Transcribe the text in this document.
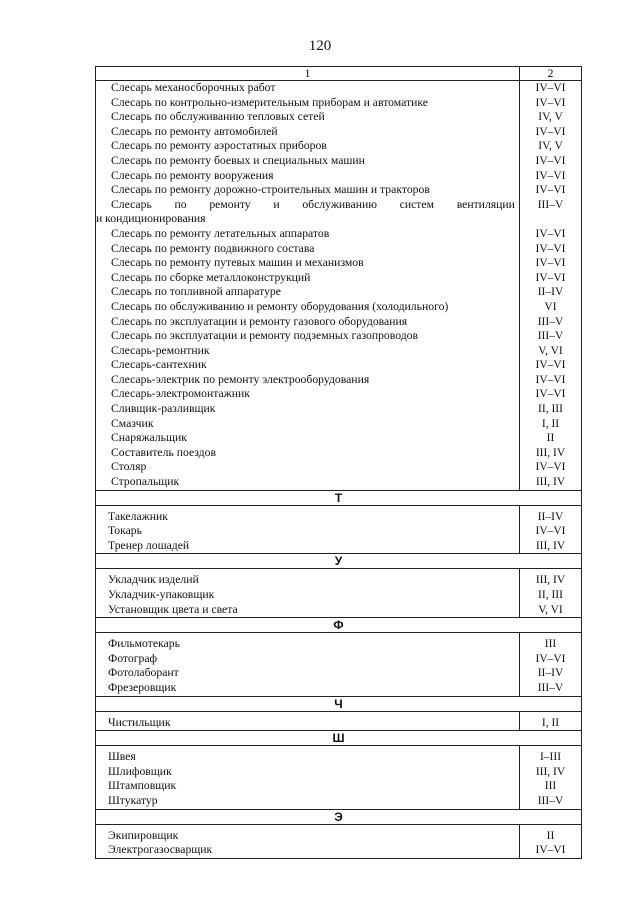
120
1	2
Слесарь механосборочных работ
Слесарь по контрольно-измерительным приборам и автоматике
Слесарь по обслуживанию тепловых сетей
Слесарь по ремонту автомобилей
Слесарь по ремонту аэростатных приборов
Слесарь по ремонту боевых и специальных машин
Слесарь по ремонту вооружения
Слесарь по ремонту дорожно-строительных машин и тракторов
Слесарь по ремонту и обслуживанию систем вентиляции
и кондиционирования
Слесарь по ремонту летательных аппаратов
Слесарь по ремонту подвижного состава
Слесарь по ремонту путевых машин и механизмов
Слесарь по сборке металлоконструкций
Слесарь по топливной аппаратуре
Слесарь по обслуживанию и ремонту оборудования (холодильного)
Слесарь по эксплуатации и ремонту газового оборудования
Слесарь по эксплуатации и ремонту подземных газопроводов
Слесарь-ремонтник
Слесарь-сантехник
Слесарь-электрик по ремонту электрооборудования
Слесарь-электромонтажник
Сливщик-разливщик
Смазчик
Снаряжальщик
Составитель поездов
Столяр
Стропальщик
IV–VI
IV–VI
IV, V
IV–VI
IV, V
IV–VI
IV–VI
IV–VI
III–V
IV–VI
IV–VI
IV–VI
IV–VI
II–IV
VI
III–V
III–V
V, VI
IV–VI
IV–VI
IV–VI
II, III
I, II
II
III, IV
IV–VI
III, IV
Т
Такелажник
Токарь
Тренер лошадей
II–IV
IV–VI
III, IV
У
Укладчик изделий
Укладчик-упаковщик
Установщик цвета и света
III, IV
II, III
V, VI
Ф
Фильмотекарь
Фотограф
Фотолаборант
Фрезеровщик
III
IV–VI
II–IV
III–V
Ч
Чистильщик	I, II
Ш
Швея
Шлифовщик
Штамповщик
Штукатур
I–III
III, IV
III
III–V
Э
Экипировщик
Электрогазосварщик
II
IV–VI
